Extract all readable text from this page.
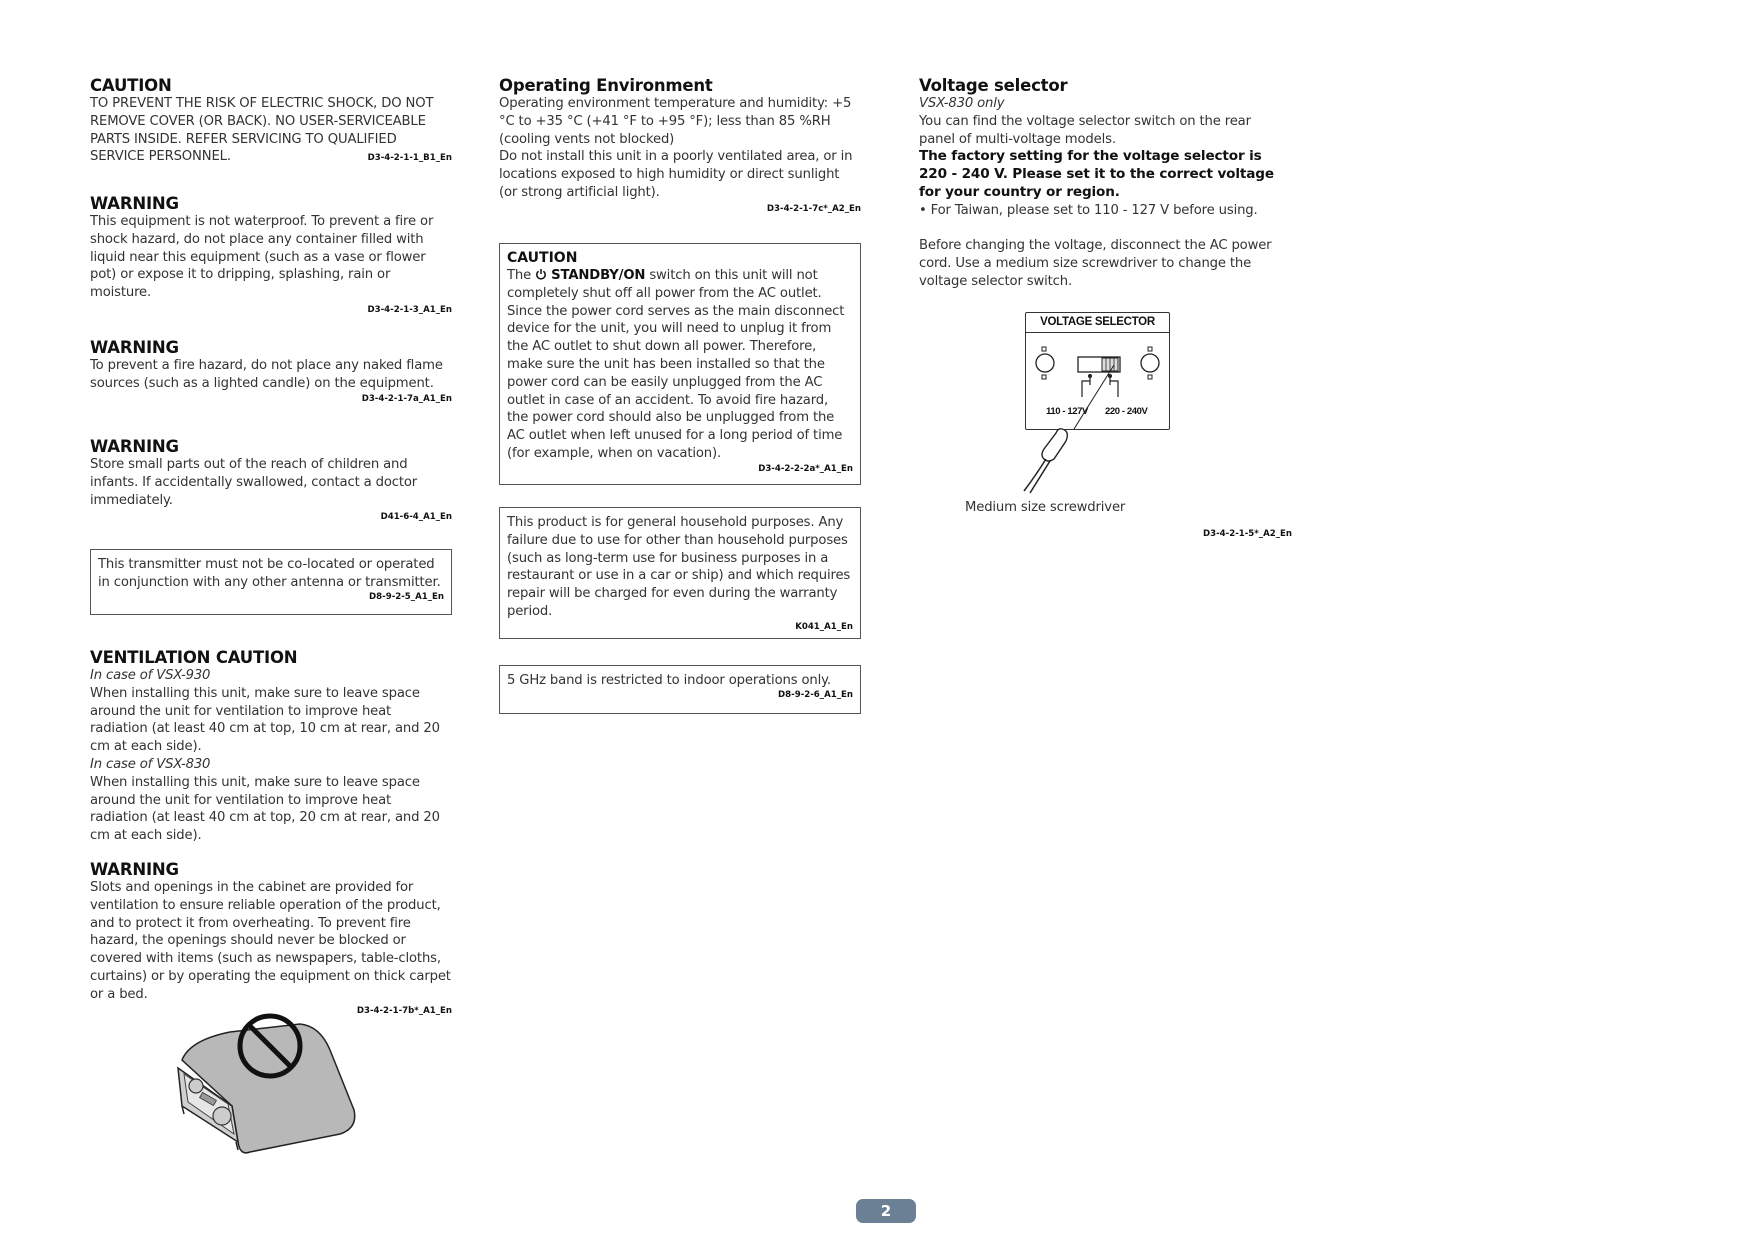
CAUTION

TO PREVENT THE RISK OF ELECTRIC SHOCK, DO NOT REMOVE COVER (OR BACK). NO USER-SERVICEABLE PARTS INSIDE. REFER SERVICING TO QUALIFIED SERVICE PERSONNEL.	D3-4-2-1-1_B1_En

WARNING

This equipment is not waterproof. To prevent a fire or shock hazard, do not place any container filled with liquid near this equipment (such as a vase or flower pot) or expose it to dripping, splashing, rain or moisture.

D3-4-2-1-3_A1_En

WARNING

To prevent a fire hazard, do not place any naked flame sources (such as a lighted candle) on the equipment.

D3-4-2-1-7a_A1_En

WARNING

Store small parts out of the reach of children and infants. If accidentally swallowed, contact a doctor immediately.

D41-6-4_A1_En

This transmitter must not be co-located or operated in conjunction with any other antenna or transmitter.

D8-9-2-5_A1_En

VENTILATION CAUTION

In case of VSX-930

When installing this unit, make sure to leave space around the unit for ventilation to improve heat radiation (at least 40 cm at top, 10 cm at rear, and 20 cm at each side).

In case of VSX-830

When installing this unit, make sure to leave space around the unit for ventilation to improve heat radiation (at least 40 cm at top, 20 cm at rear, and 20 cm at each side).

WARNING

Slots and openings in the cabinet are provided for ventilation to ensure reliable operation of the product, and to protect it from overheating. To prevent fire hazard, the openings should never be blocked or covered with items (such as newspapers, table-cloths, curtains) or by operating the equipment on thick carpet or a bed.

D3-4-2-1-7b*_A1_En

Operating Environment

Operating environment temperature and humidity: +5 °C to +35 °C (+41 °F to +95 °F); less than 85 %RH (cooling vents not blocked)

Do not install this unit in a poorly ventilated area, or in locations exposed to high humidity or direct sunlight (or strong artificial light).

D3-4-2-1-7c*_A2_En

CAUTION

The  STANDBY/ON switch on this unit will not completely shut off all power from the AC outlet. Since the power cord serves as the main disconnect device for the unit, you will need to unplug it from the AC outlet to shut down all power. Therefore, make sure the unit has been installed so that the power cord can be easily unplugged from the AC outlet in case of an accident. To avoid fire hazard, the power cord should also be unplugged from the AC outlet when left unused for a long period of time (for example, when on vacation).

D3-4-2-2-2a*_A1_En

This product is for general household purposes. Any failure due to use for other than household purposes (such as long-term use for business purposes in a restaurant or use in a car or ship) and which requires repair will be charged for even during the warranty period.

K041_A1_En

5 GHz band is restricted to indoor operations only.

D8-9-2-6_A1_En

Voltage selector

VSX-830 only

You can find the voltage selector switch on the rear panel of multi-voltage models.

The factory setting for the voltage selector is 220 - 240 V. Please set it to the correct voltage for your country or region.

• For Taiwan, please set to 110 - 127 V before using.

Before changing the voltage, disconnect the AC power cord. Use a medium size screwdriver to change the voltage selector switch.

VOLTAGE SELECTOR
110 - 127V 220 - 240V
Medium size screwdriver

D3-4-2-1-5*_A2_En

2
